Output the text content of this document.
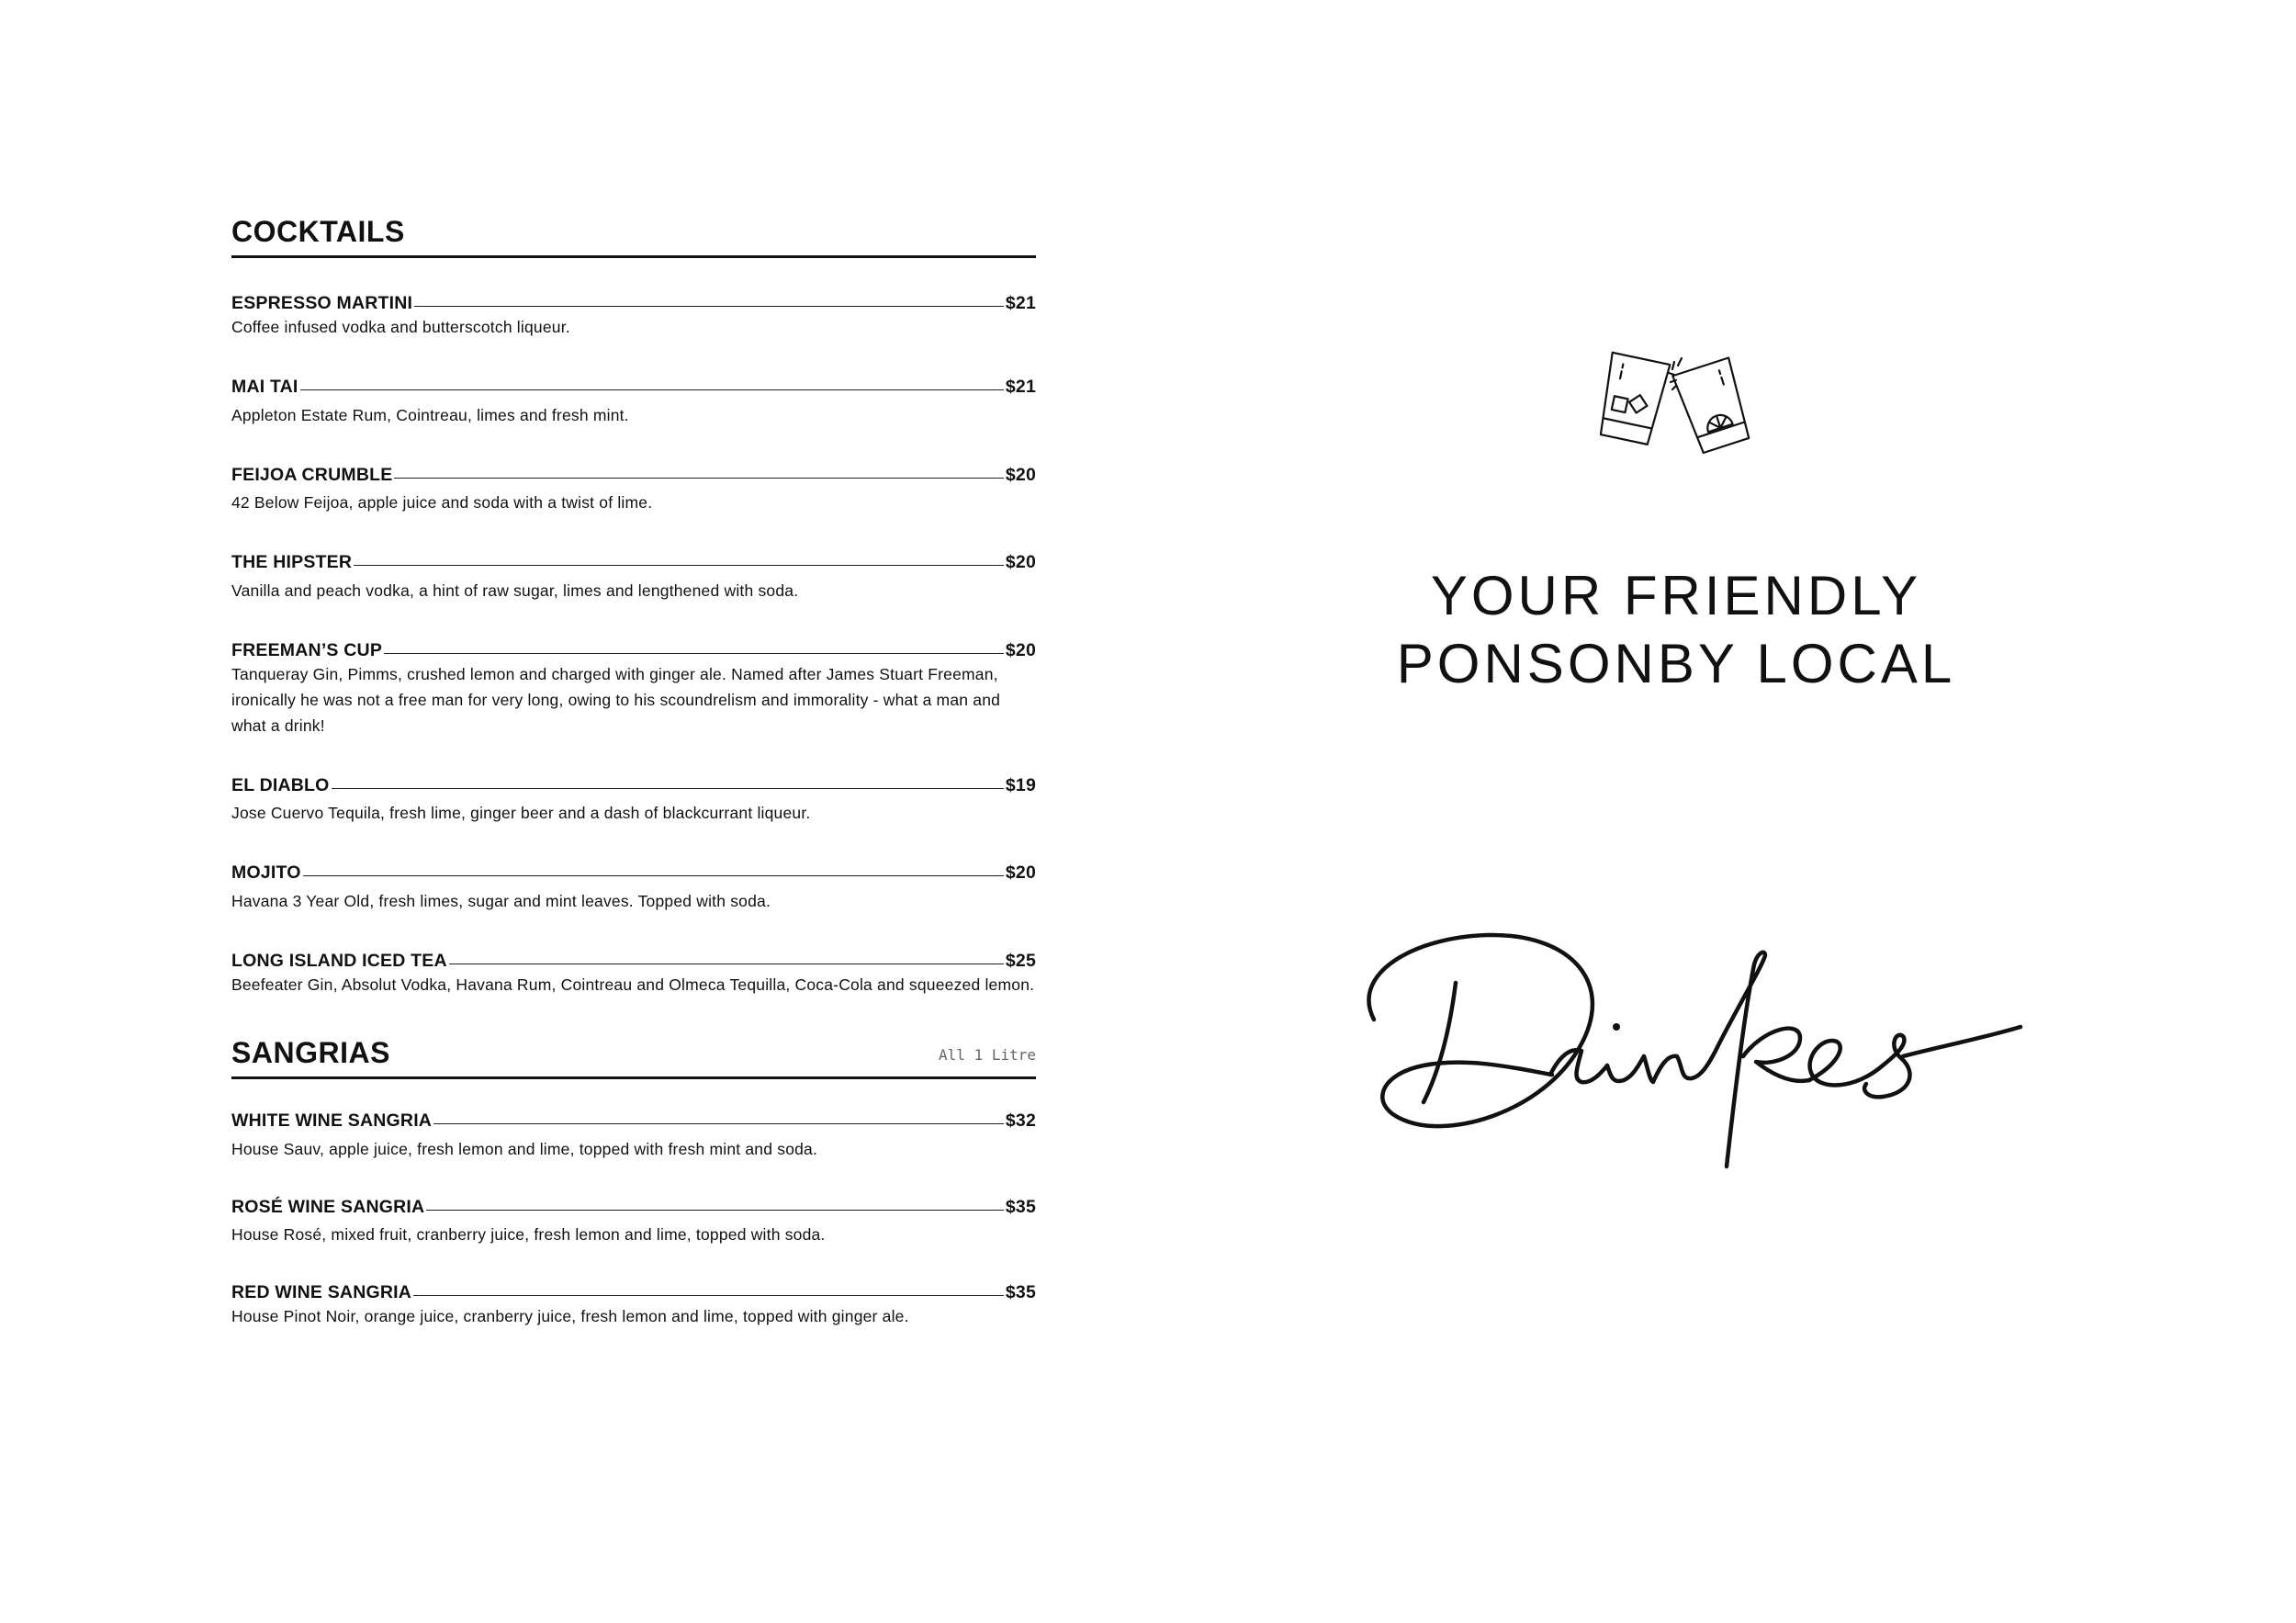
COCKTAILS
ESPRESSO MARTINI	$21
Coffee infused vodka and butterscotch liqueur.
MAI TAI	$21
Appleton Estate Rum, Cointreau, limes and fresh mint.
FEIJOA CRUMBLE	$20
42 Below Feijoa, apple juice and soda with a twist of lime.
THE HIPSTER	$20
Vanilla and peach vodka, a hint of raw sugar, limes and lengthened with soda.
FREEMAN’S CUP	$20
Tanqueray Gin, Pimms, crushed lemon and charged with ginger ale. Named after James Stuart Freeman, ironically he was not a free man for very long, owing to his scoundrelism and immorality - what a man and what a drink!
EL DIABLO	$19
Jose Cuervo Tequila, fresh lime, ginger beer and a dash of blackcurrant liqueur.
MOJITO	$20
Havana 3 Year Old, fresh limes, sugar and mint leaves. Topped with soda.
LONG ISLAND ICED TEA	$25
Beefeater Gin, Absolut Vodka, Havana Rum, Cointreau and Olmeca Tequilla, Coca-Cola and squeezed lemon.
SANGRIAS	All 1 Litre
WHITE WINE SANGRIA	$32
House Sauv, apple juice, fresh lemon and lime, topped with fresh mint and soda.
ROSÉ WINE SANGRIA	$35
House Rosé, mixed fruit, cranberry juice, fresh lemon and lime, topped with soda.
RED WINE SANGRIA	$35
House Pinot Noir, orange juice, cranberry juice, fresh lemon and lime, topped with ginger ale.
YOUR FRIENDLY
PONSONBY LOCAL
